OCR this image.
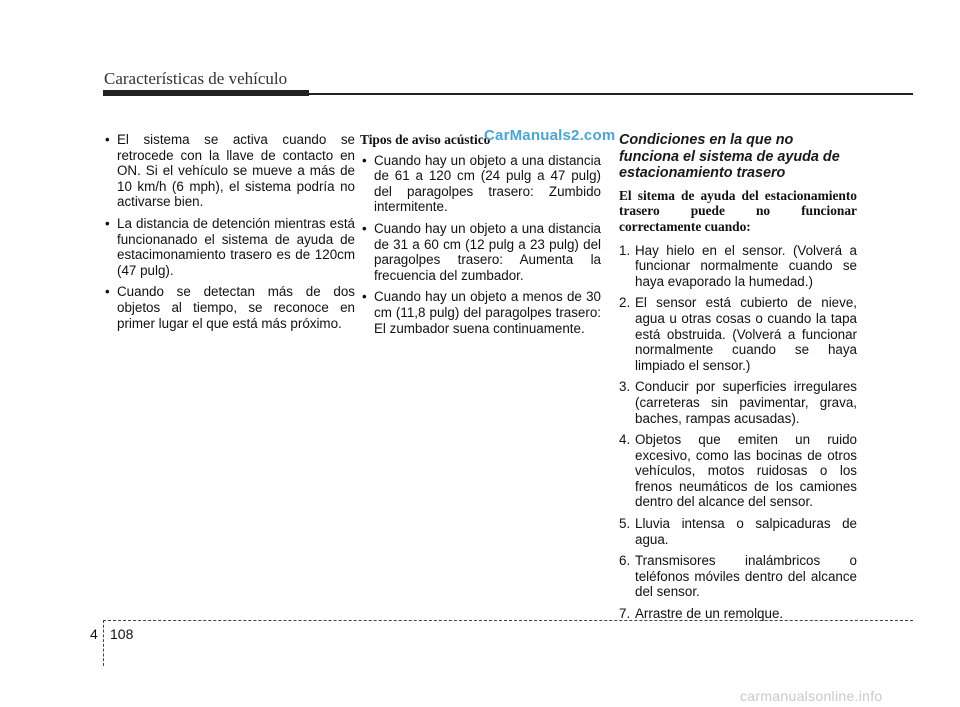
Características de vehículo
• El sistema se activa cuando se retrocede con la llave de contacto en ON. Si el vehículo se mueve a más de 10 km/h (6 mph), el sistema podría no activarse bien.
• La distancia de detención mientras está funcionanado el sistema de ayuda de estacimonamiento trasero es de 120cm (47 pulg).
• Cuando se detectan más de dos objetos al tiempo, se reconoce en primer lugar el que está más próximo.
Tipos de aviso acústico
• Cuando hay un objeto a una distancia de 61 a 120 cm (24 pulg a 47 pulg) del paragolpes trasero: Zumbido intermitente.
• Cuando hay un objeto a una distancia de 31 a 60 cm (12 pulg a 23 pulg) del paragolpes trasero: Aumenta la frecuencia del zumbador.
• Cuando hay un objeto a menos de 30 cm (11,8 pulg) del paragolpes trasero: El zumbador suena continuamente.
CarManuals2.com Condiciones en la que no funciona el sistema de ayuda de estacionamiento trasero
El sitema de ayuda del estacionamiento trasero puede no funcionar correctamente cuando:
1. Hay hielo en el sensor. (Volverá a funcionar normalmente cuando se haya evaporado la humedad.)
2. El sensor está cubierto de nieve, agua u otras cosas o cuando la tapa está obstruida. (Volverá a funcionar normalmente cuando se haya limpiado el sensor.)
3. Conducir por superficies irregulares (carreteras sin pavimentar, grava, baches, rampas acusadas).
4. Objetos que emiten un ruido excesivo, como las bocinas de otros vehículos, motos ruidosas o los frenos neumáticos de los camiones dentro del alcance del sensor.
5. Lluvia intensa o salpicaduras de agua.
6. Transmisores inalámbricos o teléfonos móviles dentro del alcance del sensor.
7. Arrastre de un remolque.
4 108
carmanualsonline.info
